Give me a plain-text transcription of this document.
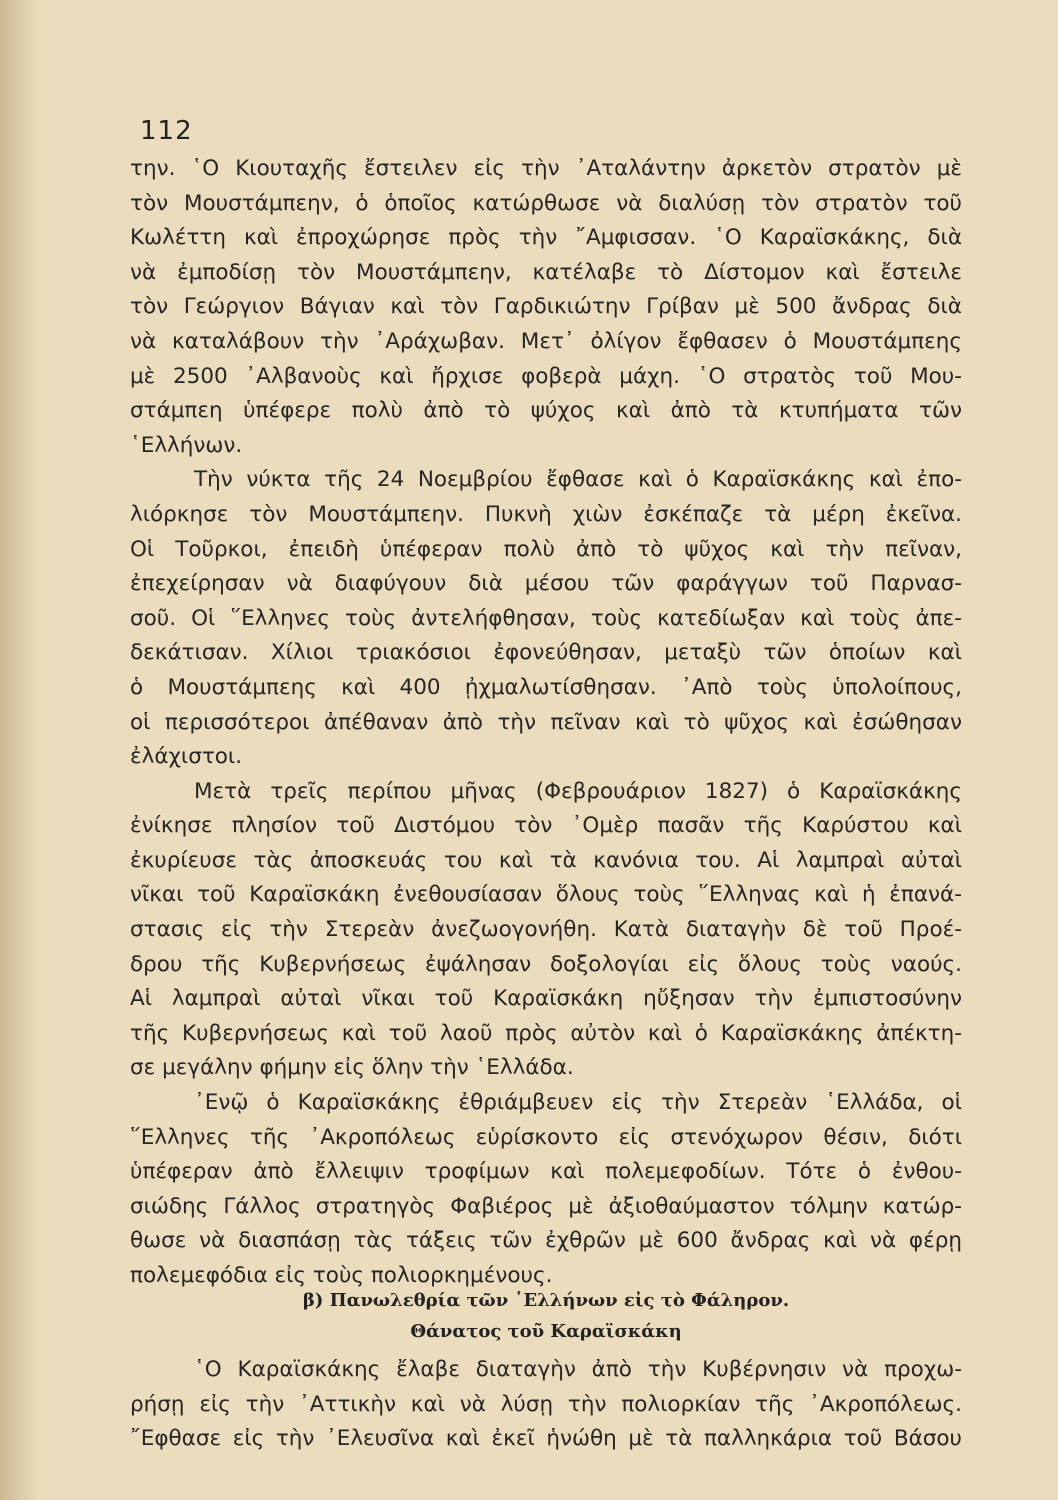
112
την. ῾Ο Κιουταχῆς ἔστειλεν εἰς τὴν ᾿Αταλάντην ἀρκετὸν στρατὸν μὲ
τὸν Μουστάμπεην, ὁ ὁποῖος κατώρθωσε νὰ διαλύσῃ τὸν στρατὸν τοῦ
Κωλέττη καὶ ἐπροχώρησε πρὸς τὴν ῎Αμφισσαν. ῾Ο Καραϊσκάκης, διὰ
νὰ ἐμποδίσῃ τὸν Μουστάμπεην, κατέλαβε τὸ Δίστομον καὶ ἔστειλε
τὸν Γεώργιον Βάγιαν καὶ τὸν Γαρδικιώτην Γρίβαν μὲ 500 ἄνδρας διὰ
νὰ καταλάβουν τὴν ᾿Αράχωβαν. Μετ᾿ ὀλίγον ἔφθασεν ὁ Μουστάμπεης
μὲ 2500 ᾿Αλβανοὺς καὶ ἤρχισε φοβερὰ μάχη. ῾Ο στρατὸς τοῦ Μου-
στάμπεη ὑπέφερε πολὺ ἀπὸ τὸ ψύχος καὶ ἀπὸ τὰ κτυπήματα τῶν
῾Ελλήνων.
Τὴν νύκτα τῆς 24 Νοεμβρίου ἔφθασε καὶ ὁ Καραϊσκάκης καὶ ἐπο-
λιόρκησε τὸν Μουστάμπεην. Πυκνὴ χιὼν ἐσκέπαζε τὰ μέρη ἐκεῖνα.
Οἱ Τοῦρκοι, ἐπειδὴ ὑπέφεραν πολὺ ἀπὸ τὸ ψῦχος καὶ τὴν πεῖναν,
ἐπεχείρησαν νὰ διαφύγουν διὰ μέσου τῶν φαράγγων τοῦ Παρνασ-
σοῦ. Οἱ ῞Ελληνες τοὺς ἀντελήφθησαν, τοὺς κατεδίωξαν καὶ τοὺς ἀπε-
δεκάτισαν. Χίλιοι τριακόσιοι ἐφονεύθησαν, μεταξὺ τῶν ὁποίων καὶ
ὁ Μουστάμπεης καὶ 400 ᾐχμαλωτίσθησαν. ᾿Απὸ τοὺς ὑπολοίπους,
οἱ περισσότεροι ἀπέθαναν ἀπὸ τὴν πεῖναν καὶ τὸ ψῦχος καὶ ἐσώθησαν
ἐλάχιστοι.
Μετὰ τρεῖς περίπου μῆνας (Φεβρουάριον 1827) ὁ Καραϊσκάκης
ἐνίκησε πλησίον τοῦ Διστόμου τὸν ᾿Ομὲρ πασᾶν τῆς Καρύστου καὶ
ἐκυρίευσε τὰς ἀποσκευάς του καὶ τὰ κανόνια του. Αἱ λαμπραὶ αὐταὶ
νῖκαι τοῦ Καραϊσκάκη ἐνεθουσίασαν ὅλους τοὺς ῞Ελληνας καὶ ἡ ἐπανά-
στασις εἰς τὴν Στερεὰν ἀνεζωογονήθη. Κατὰ διαταγὴν δὲ τοῦ Προέ-
δρου τῆς Κυβερνήσεως ἐψάλησαν δοξολογίαι εἰς ὅλους τοὺς ναούς.
Αἱ λαμπραὶ αὐταὶ νῖκαι τοῦ Καραϊσκάκη ηὔξησαν τὴν ἐμπιστοσύνην
τῆς Κυβερνήσεως καὶ τοῦ λαοῦ πρὸς αὐτὸν καὶ ὁ Καραϊσκάκης ἀπέκτη-
σε μεγάλην φήμην εἰς ὅλην τὴν ῾Ελλάδα.
᾿Ενῷ ὁ Καραϊσκάκης ἐθριάμβευεν εἰς τὴν Στερεὰν ῾Ελλάδα, οἱ
῞Ελληνες τῆς ᾿Ακροπόλεως εὑρίσκοντο εἰς στενόχωρον θέσιν, διότι
ὑπέφεραν ἀπὸ ἔλλειψιν τροφίμων καὶ πολεμεφοδίων. Τότε ὁ ἐνθου-
σιώδης Γάλλος στρατηγὸς Φαβιέρος μὲ ἀξιοθαύμαστον τόλμην κατώρ-
θωσε νὰ διασπάσῃ τὰς τάξεις τῶν ἐχθρῶν μὲ 600 ἄνδρας καὶ νὰ φέρῃ
πολεμεφόδια εἰς τοὺς πολιορκημένους.
β) Πανωλεθρία τῶν ῾Ελλήνων εἰς τὸ Φάληρον.
Θάνατος τοῦ Καραϊσκάκη
῾Ο Καραϊσκάκης ἔλαβε διαταγὴν ἀπὸ τὴν Κυβέρνησιν νὰ προχω-
ρήσῃ εἰς τὴν ᾿Αττικὴν καὶ νὰ λύσῃ τὴν πολιορκίαν τῆς ᾿Ακροπόλεως.
῎Εφθασε εἰς τὴν ᾿Ελευσῖνα καὶ ἐκεῖ ἡνώθη μὲ τὰ παλληκάρια τοῦ Βάσου
